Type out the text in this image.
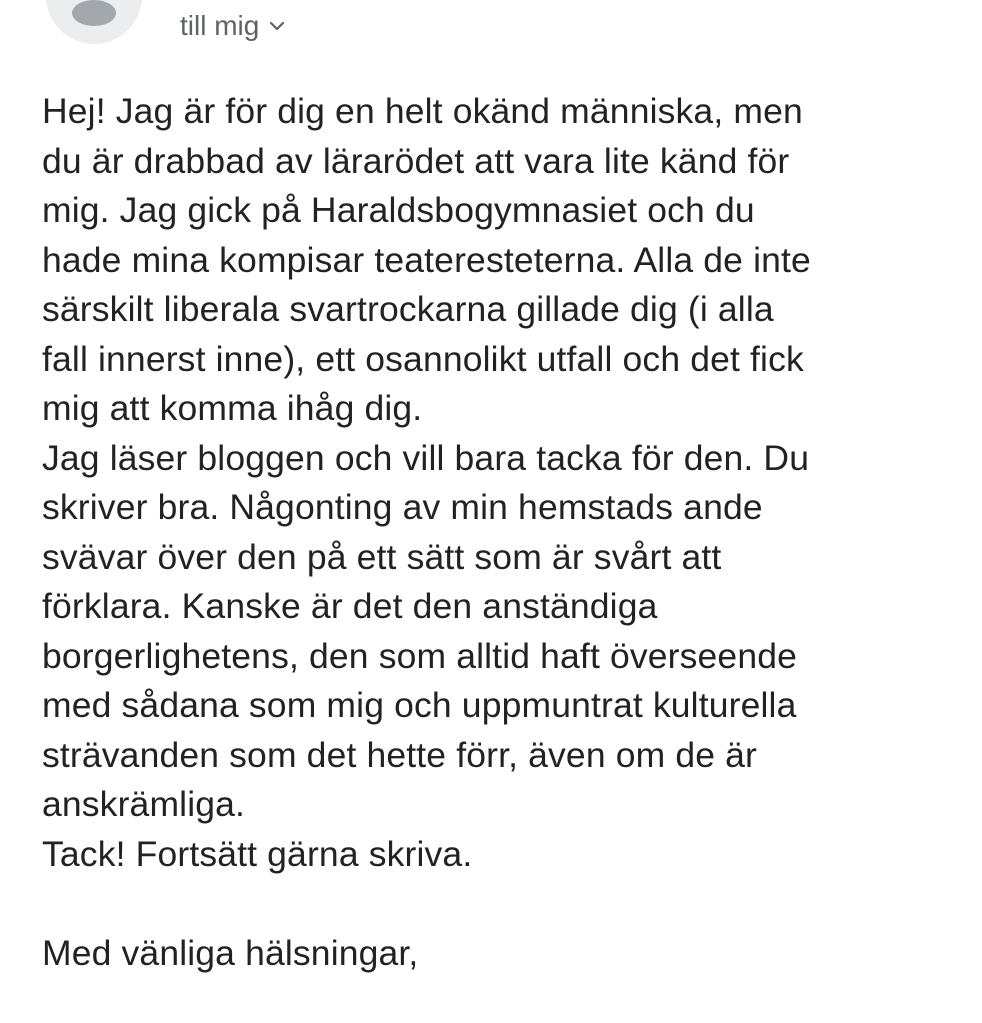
till mig
Hej! Jag är för dig en helt okänd människa, men
du är drabbad av lärarödet att vara lite känd för
mig. Jag gick på Haraldsbogymnasiet och du
hade mina kompisar teateresteterna. Alla de inte
särskilt liberala svartrockarna gillade dig (i alla
fall innerst inne), ett osannolikt utfall och det fick
mig att komma ihåg dig.
Jag läser bloggen och vill bara tacka för den. Du
skriver bra. Någonting av min hemstads ande
svävar över den på ett sätt som är svårt att
förklara. Kanske är det den anständiga
borgerlighetens, den som alltid haft överseende
med sådana som mig och uppmuntrat kulturella
strävanden som det hette förr, även om de är
anskrämliga.
Tack! Fortsätt gärna skriva.
Med vänliga hälsningar,
